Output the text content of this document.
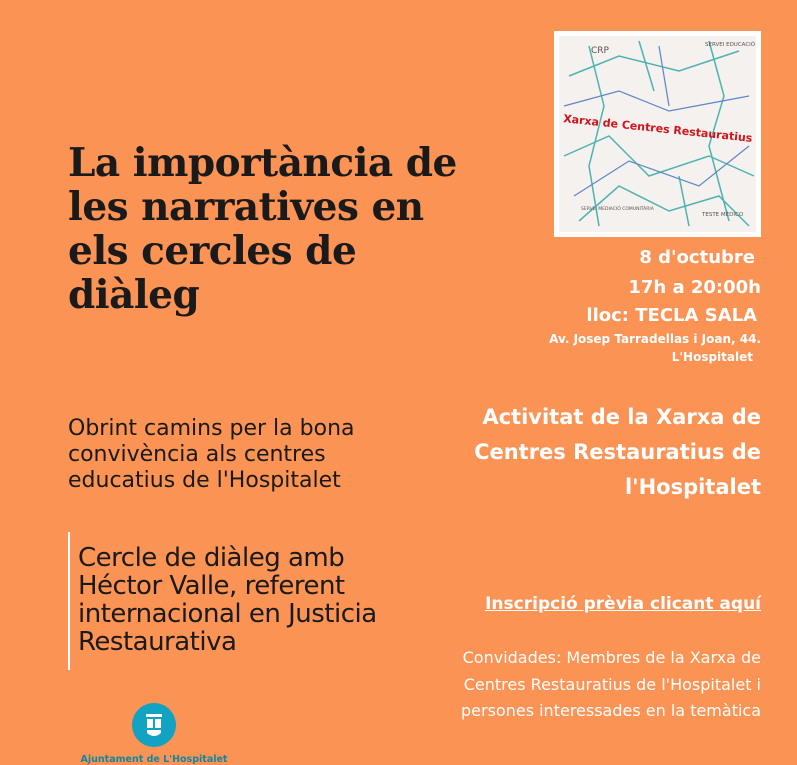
La importància de les narratives en els cercles de diàleg

Obrint camins per la bona convivència als centres educatius de l'Hospitalet

Cercle de diàleg amb Héctor Valle, referent internacional en Justicia Restaurativa

CRP
SERVEI EDUCACIÓ
SERVEI MEDIACIÓ COMUNITÀRIA
TESTE MÉDICO
Xarxa de Centres Restauratius

8 d'octubre

17h a 20:00h

lloc: TECLA SALA

Av. Josep Tarradellas i Joan, 44.

L'Hospitalet

Activitat de la Xarxa de Centres Restauratius de l'Hospitalet

Inscripció prèvia clicant aquí

Convidades: Membres de la Xarxa de Centres Restauratius de l'Hospitalet i persones interessades en la temàtica

Ajuntament de L'Hospitalet
